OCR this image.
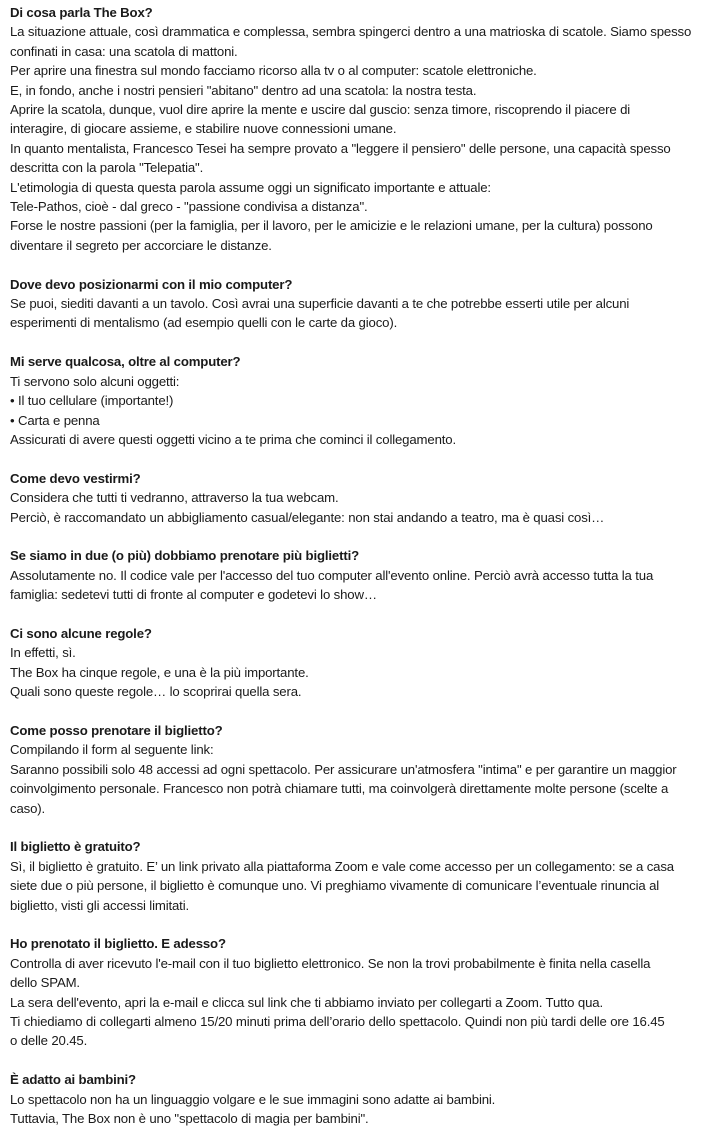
Di cosa parla The Box?
La situazione attuale, così drammatica e complessa, sembra spingerci dentro a una matrioska di scatole. Siamo spesso
confinati in casa: una scatola di mattoni.
Per aprire una finestra sul mondo facciamo ricorso alla tv o al computer: scatole elettroniche.
E, in fondo, anche i nostri pensieri "abitano" dentro ad una scatola: la nostra testa.
Aprire la scatola, dunque, vuol dire aprire la mente e uscire dal guscio: senza timore, riscoprendo il piacere di
interagire, di giocare assieme, e stabilire nuove connessioni umane.
In quanto mentalista, Francesco Tesei ha sempre provato a "leggere il pensiero" delle persone, una capacità spesso
descritta con la parola "Telepatia".
L'etimologia di questa questa parola assume oggi un significato importante e attuale:
Tele-Pathos, cioè - dal greco - "passione condivisa a distanza".
Forse le nostre passioni (per la famiglia, per il lavoro, per le amicizie e le relazioni umane, per la cultura) possono
diventare il segreto per accorciare le distanze.
Dove devo posizionarmi con il mio computer?
Se puoi, siediti davanti a un tavolo. Così avrai una superficie davanti a te che potrebbe esserti utile per alcuni
esperimenti di mentalismo (ad esempio quelli con le carte da gioco).
Mi serve qualcosa, oltre al computer?
Ti servono solo alcuni oggetti:
• Il tuo cellulare (importante!)
• Carta e penna
Assicurati di avere questi oggetti vicino a te prima che cominci il collegamento.
Come devo vestirmi?
Considera che tutti ti vedranno, attraverso la tua webcam.
Perciò, è raccomandato un abbigliamento casual/elegante: non stai andando a teatro, ma è quasi così…
Se siamo in due (o più) dobbiamo prenotare più biglietti?
Assolutamente no. Il codice vale per l'accesso del tuo computer all'evento online. Perciò avrà accesso tutta la tua
famiglia: sedetevi tutti di fronte al computer e godetevi lo show…
Ci sono alcune regole?
In effetti, sì.
The Box ha cinque regole, e una è la più importante.
Quali sono queste regole… lo scoprirai quella sera.
Come posso prenotare il biglietto?
Compilando il form al seguente link:
Saranno possibili solo 48 accessi ad ogni spettacolo. Per assicurare un'atmosfera "intima" e per garantire un maggior
coinvolgimento personale. Francesco non potrà chiamare tutti, ma coinvolgerà direttamente molte persone (scelte a
caso).
Il biglietto è gratuito?
Sì, il biglietto è gratuito. E’ un link privato alla piattaforma Zoom e vale come accesso per un collegamento: se a casa
siete due o più persone, il biglietto è comunque uno. Vi preghiamo vivamente di comunicare l’eventuale rinuncia al
biglietto, visti gli accessi limitati.
Ho prenotato il biglietto. E adesso?
Controlla di aver ricevuto l'e-mail con il tuo biglietto elettronico. Se non la trovi probabilmente è finita nella casella
dello SPAM.
La sera dell'evento, apri la e-mail e clicca sul link che ti abbiamo inviato per collegarti a Zoom. Tutto qua.
Ti chiediamo di collegarti almeno 15/20 minuti prima dell’orario dello spettacolo. Quindi non più tardi delle ore 16.45
o delle 20.45.
È adatto ai bambini?
Lo spettacolo non ha un linguaggio volgare e le sue immagini sono adatte ai bambini.
Tuttavia, The Box non è uno "spettacolo di magia per bambini".
